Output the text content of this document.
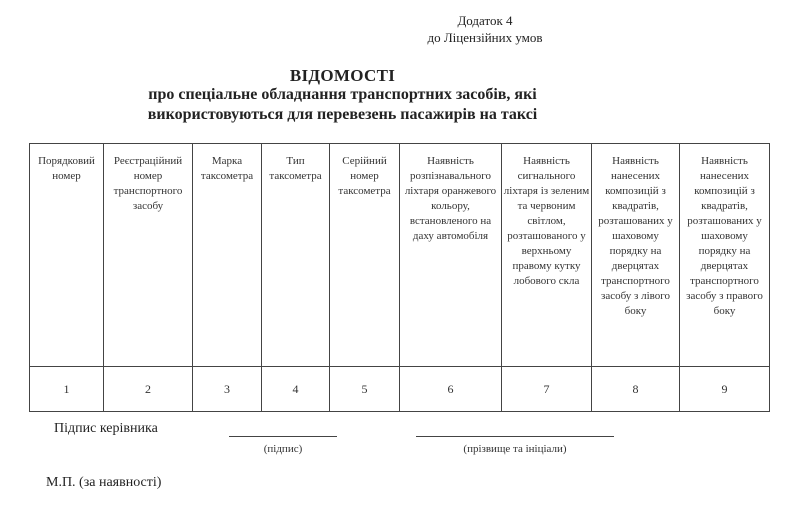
Додаток 4
до Ліцензійних умов
ВІДОМОСТІ
про спеціальне обладнання транспортних засобів, які
використовуються для перевезень пасажирів на таксі
Порядковий номер	Реєстраційний номер транспортного засобу	Марка таксометра	Тип таксометра	Серійний номер таксометра	Наявність розпізнавального ліхтаря оранжевого кольору, встановленого на даху автомобіля	Наявність сигнального ліхтаря із зеленим та червоним світлом, розташованого у верхньому правому кутку лобового скла	Наявність нанесених композицій з квадратів, розташованих у шаховому порядку на дверцятах транспортного засобу з лівого боку	Наявність нанесених композицій з квадратів, розташованих у шаховому порядку на дверцятах транспортного засобу з правого боку
1	2	3	4	5	6	7	8	9
Підпис керівника
(підпис)	(прізвище та ініціали)
М.П. (за наявності)
